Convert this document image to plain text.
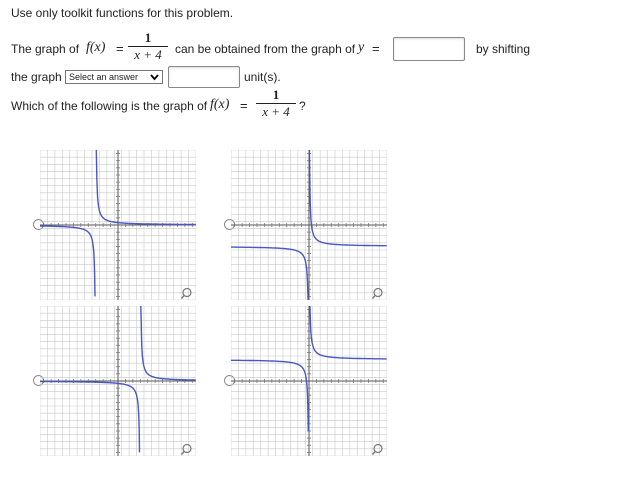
Use only toolkit functions for this problem.
The graph of f(x) =
1
x + 4	can be obtained from the graph of y =	by shifting
the graph Select an answer	unit(s).
Which of the following is the graph of f(x) =
1
x + 4 ?
